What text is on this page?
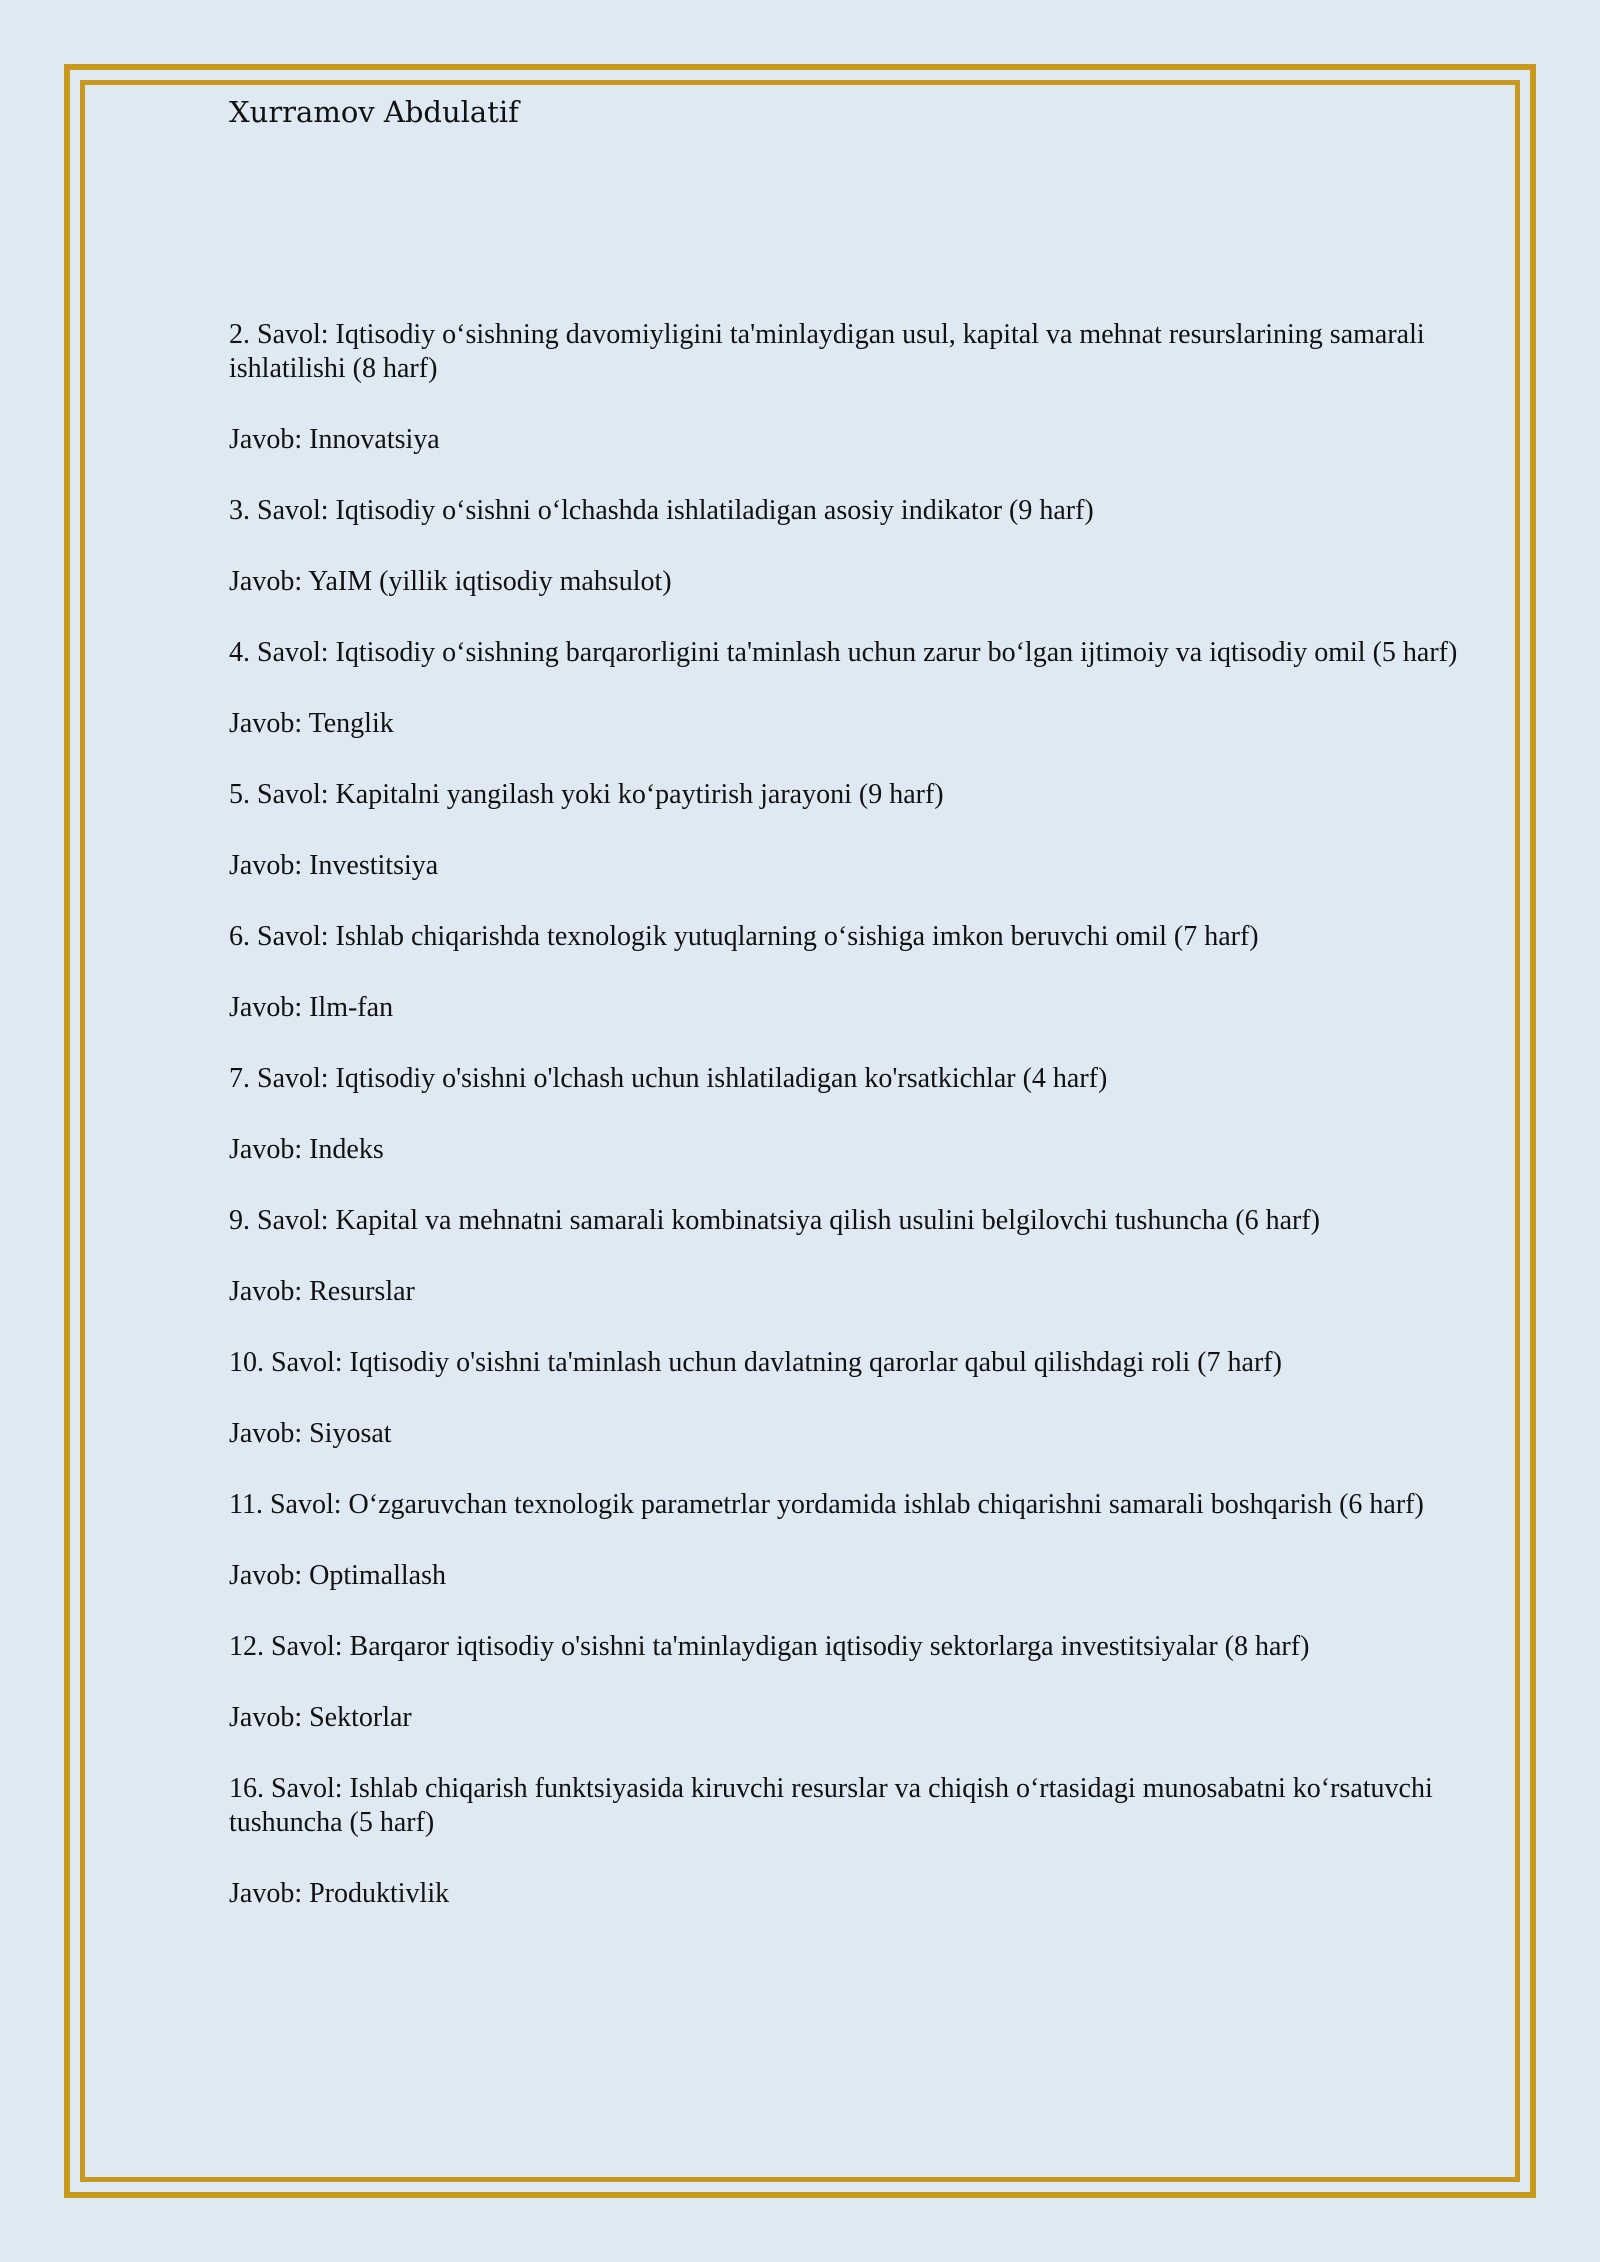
Xurramov Abdulatif

2. Savol: Iqtisodiy o‘sishning davomiyligini ta'minlaydigan usul, kapital va mehnat resurslarining samarali ishlatilishi (8 harf)

Javob: Innovatsiya

3. Savol: Iqtisodiy o‘sishni o‘lchashda ishlatiladigan asosiy indikator (9 harf)

Javob: YaIM (yillik iqtisodiy mahsulot)

4. Savol: Iqtisodiy o‘sishning barqarorligini ta'minlash uchun zarur bo‘lgan ijtimoiy va iqtisodiy omil (5 harf)

Javob: Tenglik

5. Savol: Kapitalni yangilash yoki ko‘paytirish jarayoni (9 harf)

Javob: Investitsiya

6. Savol: Ishlab chiqarishda texnologik yutuqlarning o‘sishiga imkon beruvchi omil (7 harf)

Javob: Ilm-fan

7. Savol: Iqtisodiy o'sishni o'lchash uchun ishlatiladigan ko'rsatkichlar (4 harf)

Javob: Indeks

9. Savol: Kapital va mehnatni samarali kombinatsiya qilish usulini belgilovchi tushuncha (6 harf)

Javob: Resurslar

10. Savol: Iqtisodiy o'sishni ta'minlash uchun davlatning qarorlar qabul qilishdagi roli (7 harf)

Javob: Siyosat

11. Savol: O‘zgaruvchan texnologik parametrlar yordamida ishlab chiqarishni samarali boshqarish (6 harf)

Javob: Optimallash

12. Savol: Barqaror iqtisodiy o'sishni ta'minlaydigan iqtisodiy sektorlarga investitsiyalar (8 harf)

Javob: Sektorlar

16. Savol: Ishlab chiqarish funktsiyasida kiruvchi resurslar va chiqish o‘rtasidagi munosabatni ko‘rsatuvchi tushuncha (5 harf)

Javob: Produktivlik
